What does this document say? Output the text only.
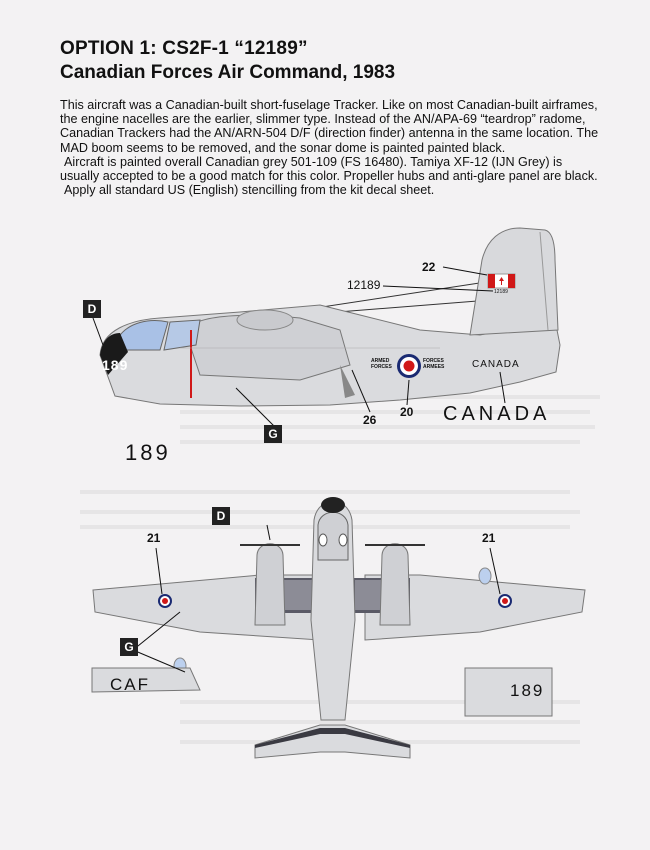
OPTION 1: CS2F-1 “12189”
Canadian Forces Air Command, 1983

This aircraft was a Canadian-built short-fuselage Tracker. Like on most Canadian-built airframes, the engine nacelles are the earlier, slimmer type. Instead of the AN/APA-69 “teardrop” radome, Canadian Trackers had the AN/ARN-504 D/F (direction finder) antenna in the same location. The MAD boom seems to be removed, and the sonar dome is painted painted black.

Aircraft is painted overall Canadian grey 501-109 (FS 16480). Tamiya XF-12 (IJN Grey) is usually accepted to be a good match for this color. Propeller hubs and anti-glare panel are black.

Apply all standard US (English) stencilling from the kit decal sheet.

12189	12189
189
189
CANADA
CANADA
ARMED
FORCES
FORCES
ARMEES
D
G
22
26
20
CAF	189
D
G
21	21
